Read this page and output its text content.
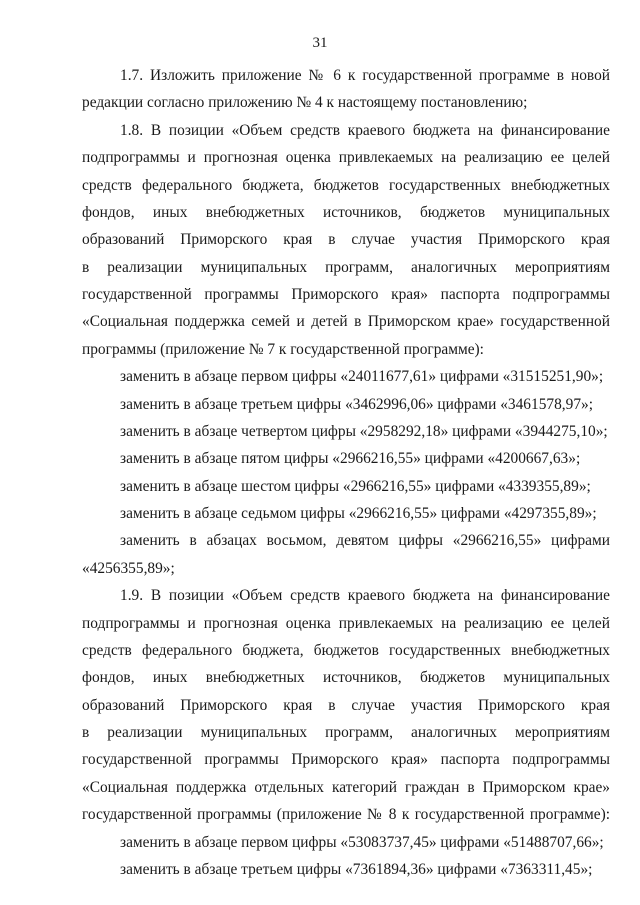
31
1.7. Изложить приложение № 6 к государственной программе в новой
редакции согласно приложению № 4 к настоящему постановлению;
1.8. В позиции «Объем средств краевого бюджета на финансирование
подпрограммы и прогнозная оценка привлекаемых на реализацию ее целей
средств федерального бюджета, бюджетов государственных внебюджетных
фондов, иных внебюджетных источников, бюджетов муниципальных
образований Приморского края в случае участия Приморского края
в реализации муниципальных программ, аналогичных мероприятиям
государственной программы Приморского края» паспорта подпрограммы
«Социальная поддержка семей и детей в Приморском крае» государственной
программы (приложение № 7 к государственной программе):
заменить в абзаце первом цифры «24011677,61» цифрами «31515251,90»;
заменить в абзаце третьем цифры «3462996,06» цифрами «3461578,97»;
заменить в абзаце четвертом цифры «2958292,18» цифрами «3944275,10»;
заменить в абзаце пятом цифры «2966216,55» цифрами «4200667,63»;
заменить в абзаце шестом цифры «2966216,55» цифрами «4339355,89»;
заменить в абзаце седьмом цифры «2966216,55» цифрами «4297355,89»;
заменить в абзацах восьмом, девятом цифры «2966216,55» цифрами
«4256355,89»;
1.9. В позиции «Объем средств краевого бюджета на финансирование
подпрограммы и прогнозная оценка привлекаемых на реализацию ее целей
средств федерального бюджета, бюджетов государственных внебюджетных
фондов, иных внебюджетных источников, бюджетов муниципальных
образований Приморского края в случае участия Приморского края
в реализации муниципальных программ, аналогичных мероприятиям
государственной программы Приморского края» паспорта подпрограммы
«Социальная поддержка отдельных категорий граждан в Приморском крае»
государственной программы (приложение № 8 к государственной программе):
заменить в абзаце первом цифры «53083737,45» цифрами «51488707,66»;
заменить в абзаце третьем цифры «7361894,36» цифрами «7363311,45»;
